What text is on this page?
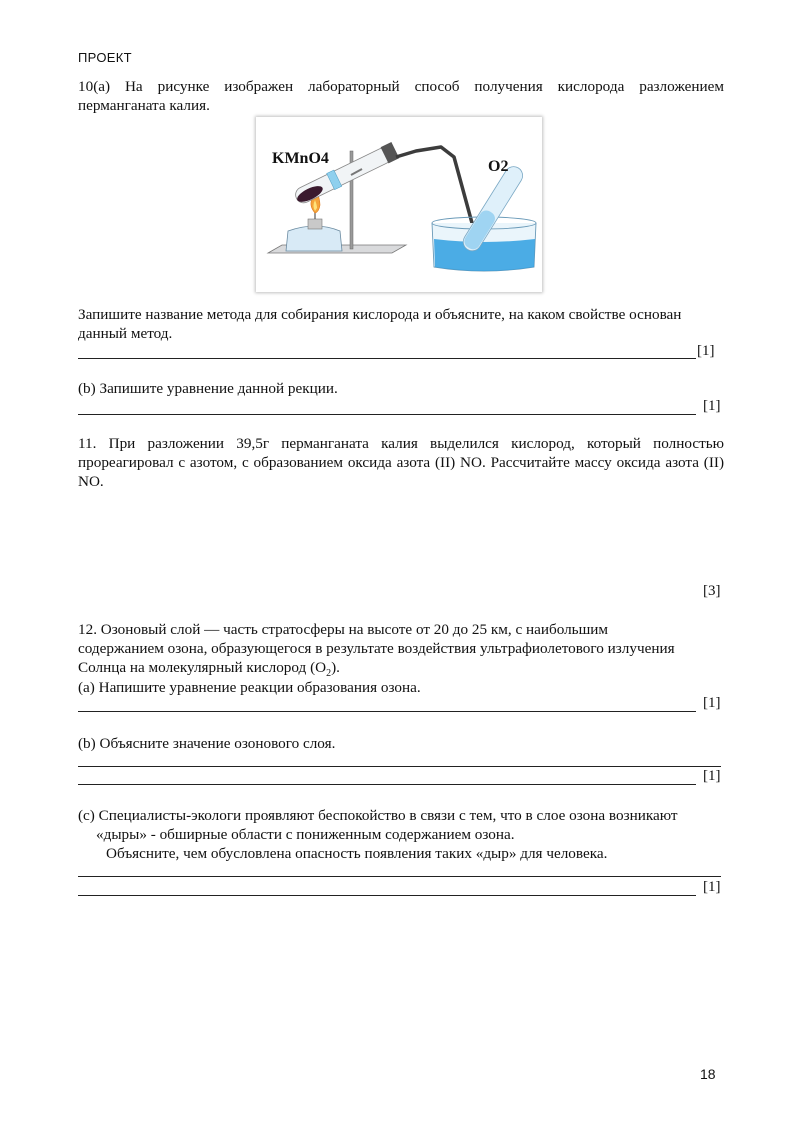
ПРОЕКТ
10(а) На рисунке изображен лабораторный способ получения кислорода разложением перманганата калия.
KMnO4	O2
Запишите название метода для собирания кислорода и объясните, на каком свойстве основан данный метод.
[1]
(b) Запишите уравнение данной рекции.
[1]
11. При разложении 39,5г перманганата калия выделился кислород, который полностью прореагировал с азотом, с образованием оксида азота (II) NO. Рассчитайте массу оксида азота (II) NO.
[3]
12. Озоновый слой — часть стратосферы на высоте от 20 до 25 км, с наибольшим
содержанием озона, образующегося в результате воздействия ультрафиолетового излучения
Солнца на молекулярный кислород $(O_2)$.
(а) Напишите уравнение реакции образования озона.
[1]
(b) Объясните значение озонового слоя.
[1]
(c) Специалисты-экологи проявляют беспокойство в связи с тем, что в слое озона возникают
«дыры» - обширные области с пониженным содержанием озона.
Объясните, чем обусловлена опасность появления таких «дыр» для человека.
[1]
18
